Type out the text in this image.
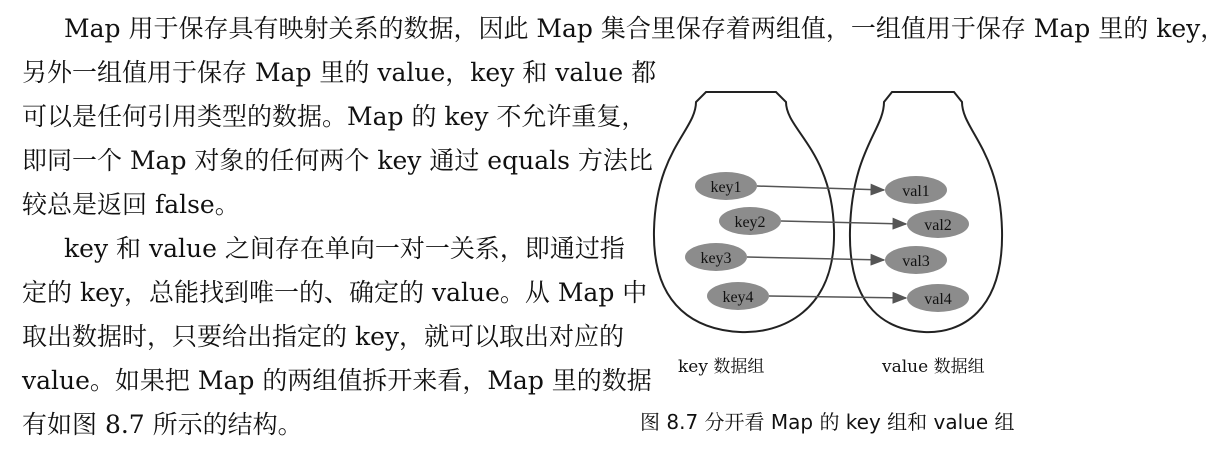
Map 用于保存具有映射关系的数据，因此 Map 集合里保存着两组值，一组值用于保存 Map 里的 key，
另外一组值用于保存 Map 里的 value，key 和 value 都
可以是任何引用类型的数据。Map 的 key 不允许重复，
即同一个 Map 对象的任何两个 key 通过 equals 方法比
较总是返回 false。
key 和 value 之间存在单向一对一关系，即通过指
定的 key，总能找到唯一的、确定的 value。从 Map 中
取出数据时，只要给出指定的 key，就可以取出对应的
value。如果把 Map 的两组值拆开来看，Map 里的数据
有如图 8.7 所示的结构。
key1
key2
key3
key4
val1
val2
val3
val4
key 数据组	value 数据组
图 8.7 分开看 Map 的 key 组和 value 组
